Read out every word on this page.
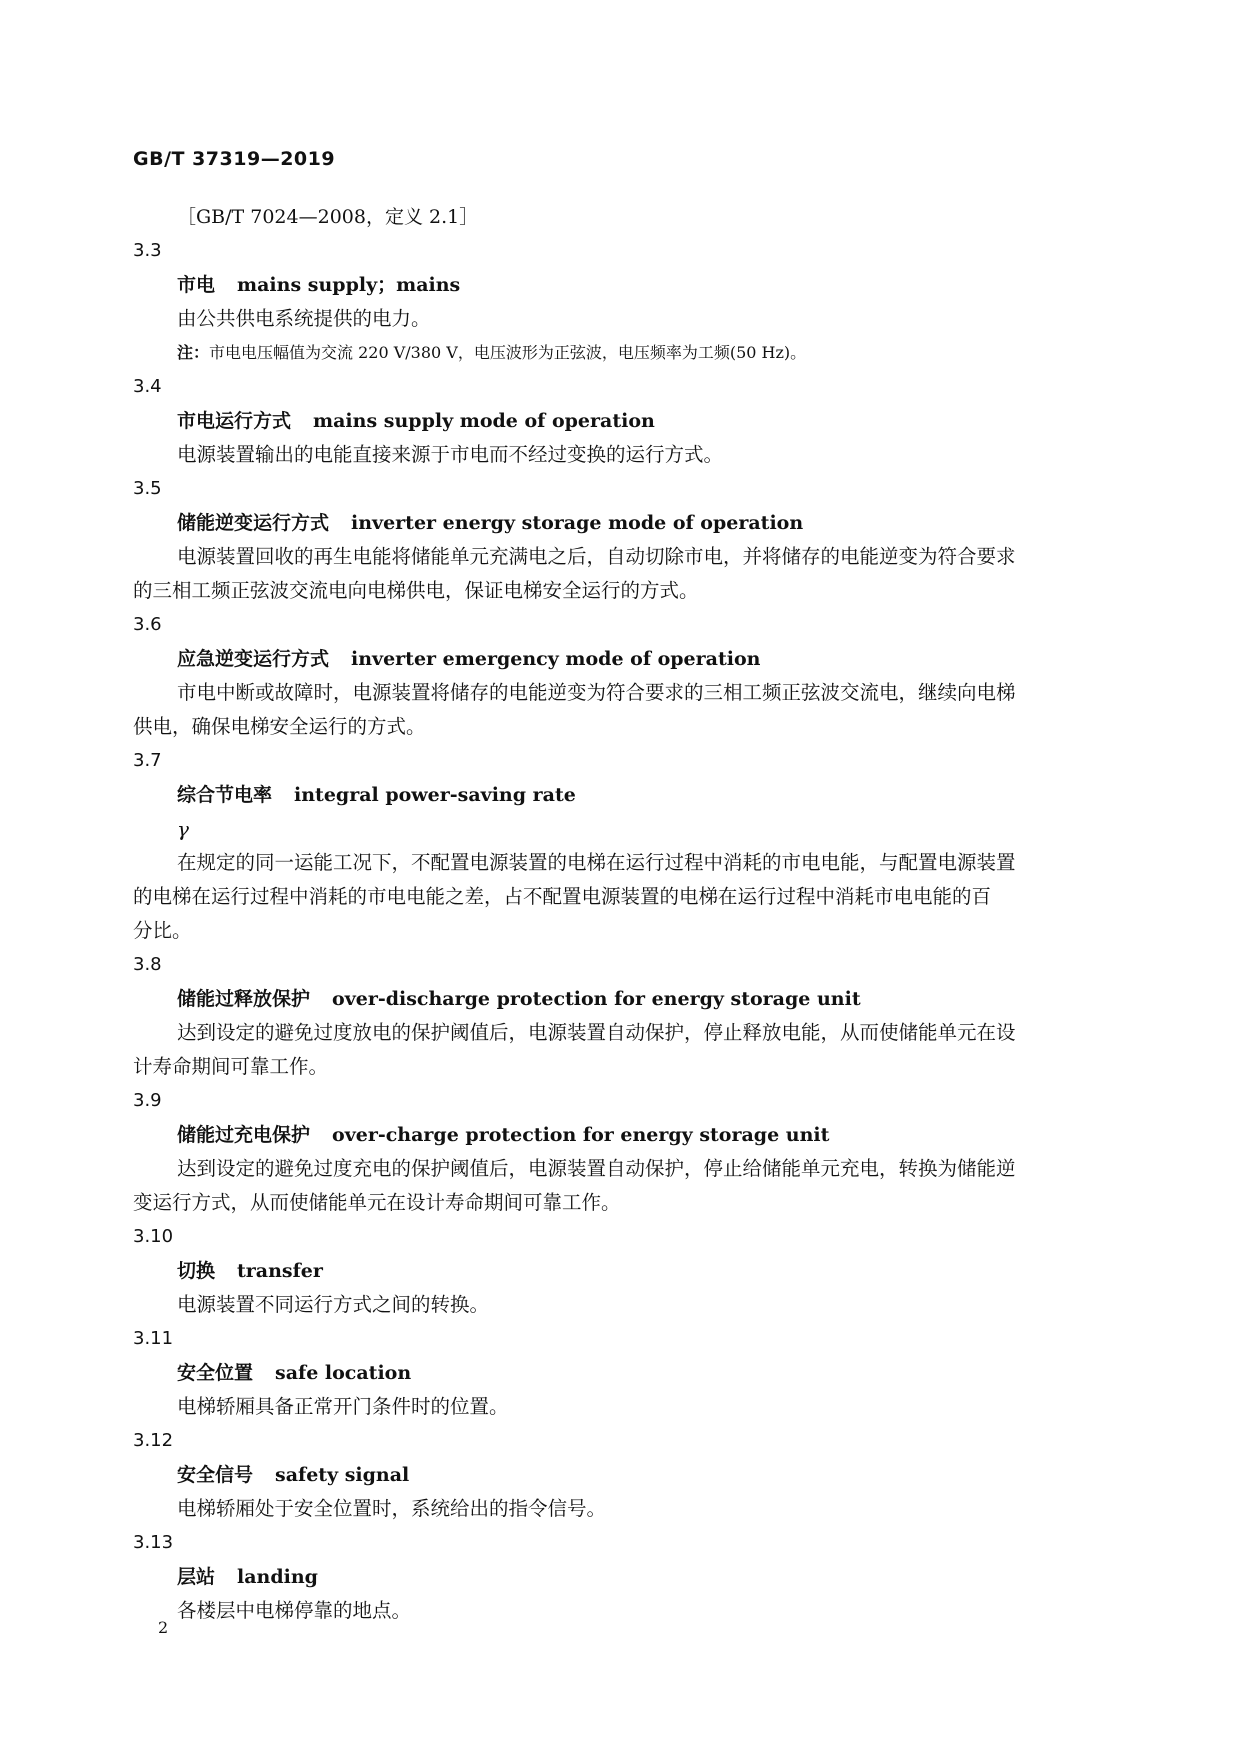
GB/T 37319—2019
［GB/T 7024—2008，定义 2.1］
3.3
市电 mains supply；mains
由公共供电系统提供的电力。
注：市电电压幅值为交流 220 V/380 V，电压波形为正弦波，电压频率为工频(50 Hz)。
3.4
市电运行方式 mains supply mode of operation
电源装置输出的电能直接来源于市电而不经过变换的运行方式。
3.5
储能逆变运行方式 inverter energy storage mode of operation
电源装置回收的再生电能将储能单元充满电之后，自动切除市电，并将储存的电能逆变为符合要求
的三相工频正弦波交流电向电梯供电，保证电梯安全运行的方式。
3.6
应急逆变运行方式 inverter emergency mode of operation
市电中断或故障时，电源装置将储存的电能逆变为符合要求的三相工频正弦波交流电，继续向电梯
供电，确保电梯安全运行的方式。
3.7
综合节电率 integral power-saving rate
γ
在规定的同一运能工况下，不配置电源装置的电梯在运行过程中消耗的市电电能，与配置电源装置
的电梯在运行过程中消耗的市电电能之差，占不配置电源装置的电梯在运行过程中消耗市电电能的百
分比。
3.8
储能过释放保护 over-discharge protection for energy storage unit
达到设定的避免过度放电的保护阈值后，电源装置自动保护，停止释放电能，从而使储能单元在设
计寿命期间可靠工作。
3.9
储能过充电保护 over-charge protection for energy storage unit
达到设定的避免过度充电的保护阈值后，电源装置自动保护，停止给储能单元充电，转换为储能逆
变运行方式，从而使储能单元在设计寿命期间可靠工作。
3.10
切换 transfer
电源装置不同运行方式之间的转换。
3.11
安全位置 safe location
电梯轿厢具备正常开门条件时的位置。
3.12
安全信号 safety signal
电梯轿厢处于安全位置时，系统给出的指令信号。
3.13
层站 landing
各楼层中电梯停靠的地点。
2
